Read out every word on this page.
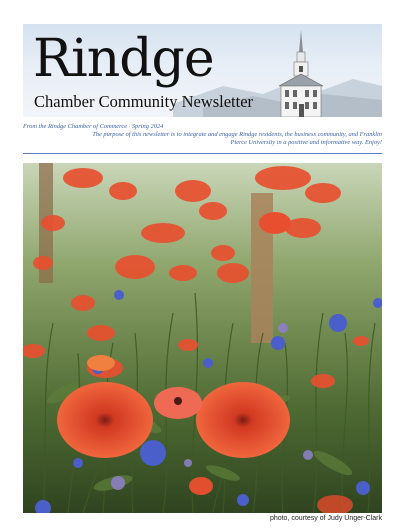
Rindge
Chamber Community Newsletter
From the Rindge Chamber of Commerce · Spring 2024
The purpose of this newsletter is to integrate and engage Rindge residents, the business community, and Franklin Pierce University in a positive and informative way. Enjoy!
photo, courtesy of Judy Unger-Clark
